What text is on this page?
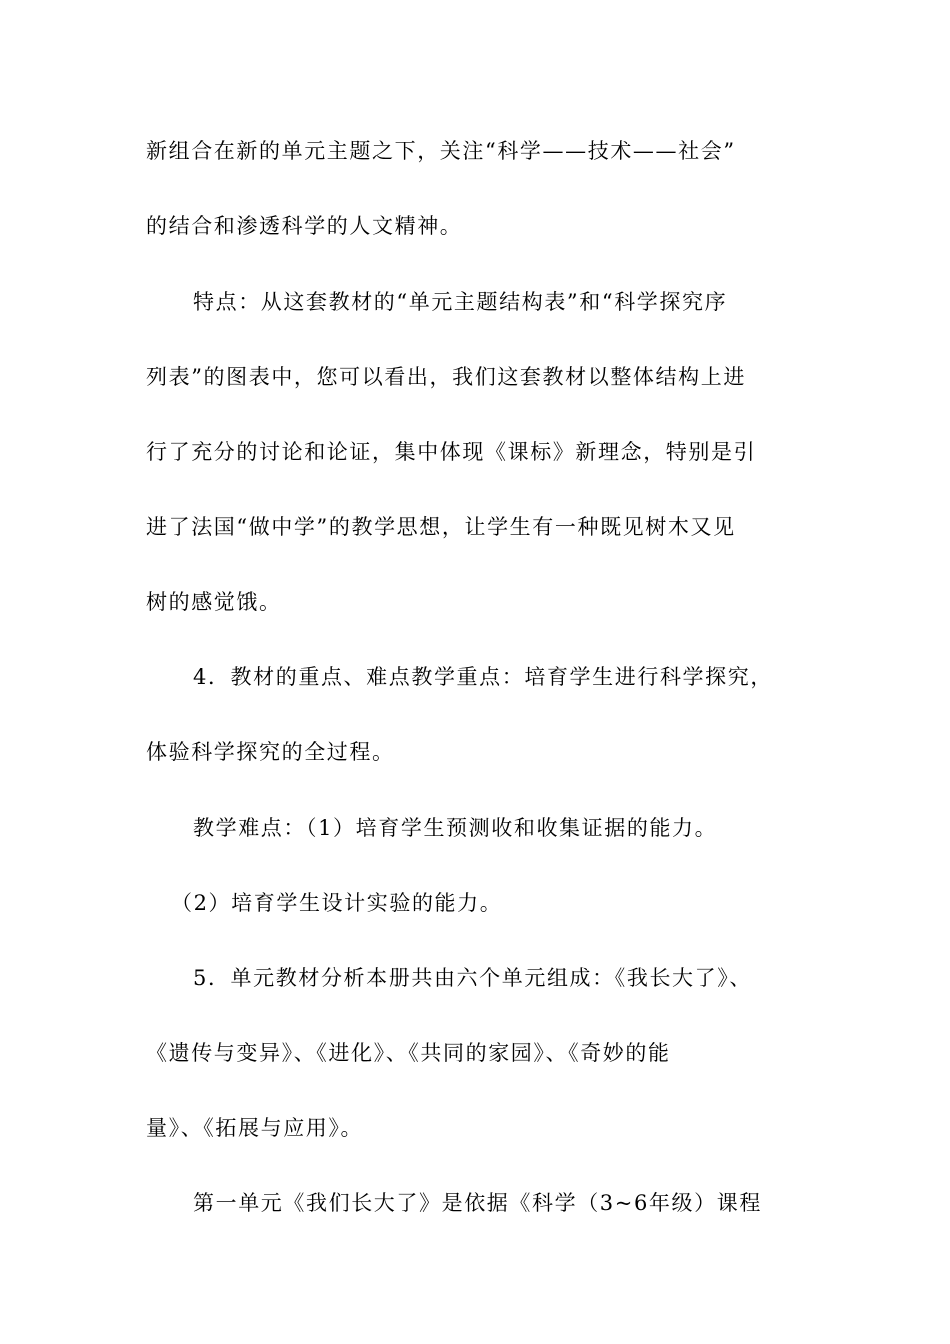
新组合在新的单元主题之下，关注“科学——技术——社会”
的结合和渗透科学的人文精神。
特点：从这套教材的“单元主题结构表”和“科学探究序
列表”的图表中，您可以看出，我们这套教材以整体结构上进
行了充分的讨论和论证，集中体现《课标》新理念，特别是引
进了法国“做中学”的教学思想，让学生有一种既见树木又见
树的感觉饿。
4．教材的重点、难点教学重点：培育学生进行科学探究，
体验科学探究的全过程。
教学难点：（1）培育学生预测收和收集证据的能力。
（2）培育学生设计实验的能力。
5．单元教材分析本册共由六个单元组成：《我长大了》、
《遗传与变异》、《进化》、《共同的家园》、《奇妙的能
量》、《拓展与应用》。
第一单元《我们长大了》是依据《科学（3~6年级）课程
